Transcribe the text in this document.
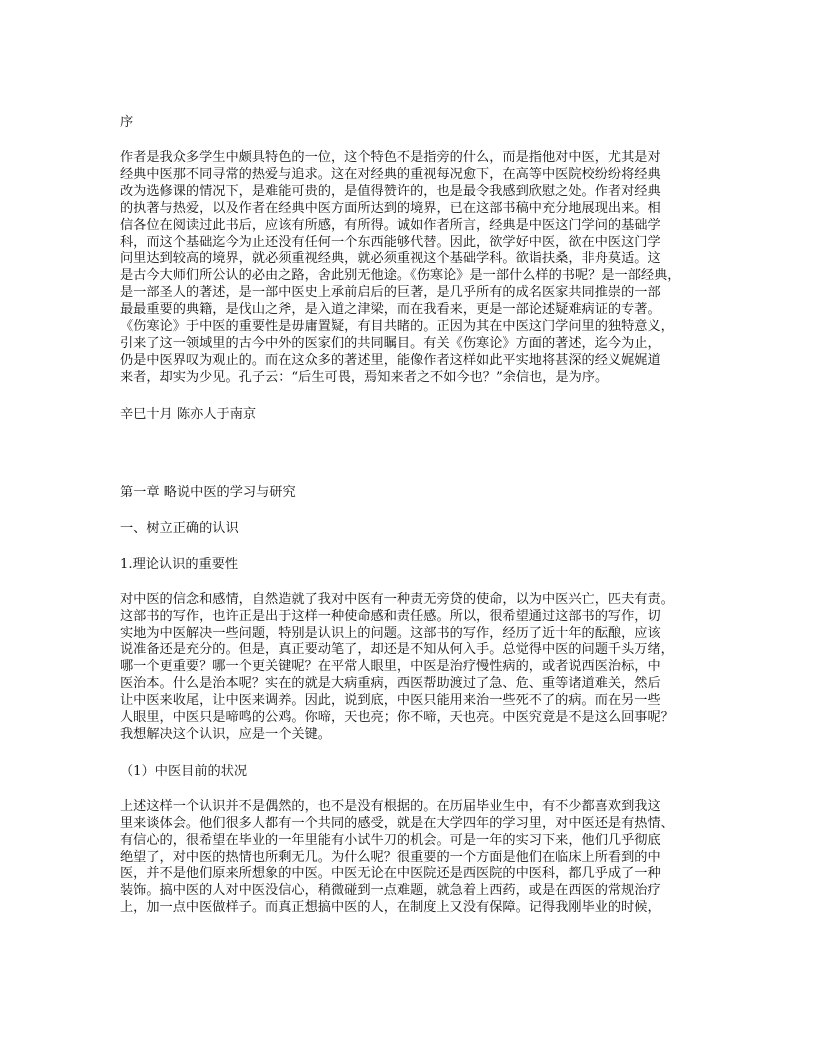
序

作者是我众多学生中颇具特色的一位，这个特色不是指旁的什么，而是指他对中医，尤其是对

经典中医那不同寻常的热爱与追求。这在对经典的重视每况愈下，在高等中医院校纷纷将经典

改为选修课的情况下，是难能可贵的，是值得赞许的，也是最令我感到欣慰之处。作者对经典

的执著与热爱，以及作者在经典中医方面所达到的境界，已在这部书稿中充分地展现出来。相

信各位在阅读过此书后，应该有所感，有所得。诚如作者所言，经典是中医这门学问的基础学

科，而这个基础迄今为止还没有任何一个东西能够代替。因此，欲学好中医，欲在中医这门学

问里达到较高的境界，就必须重视经典，就必须重视这个基础学科。欲诣扶桑，非舟莫适。这

是古今大师们所公认的必由之路，舍此别无他途。《伤寒论》是一部什么样的书呢？是一部经典，

是一部圣人的著述，是一部中医史上承前启后的巨著，是几乎所有的成名医家共同推崇的一部

最最重要的典籍，是伐山之斧，是入道之津梁，而在我看来，更是一部论述疑难病证的专著。

《伤寒论》于中医的重要性是毋庸置疑，有目共睹的。正因为其在中医这门学问里的独特意义，

引来了这一领域里的古今中外的医家们的共同瞩目。有关《伤寒论》方面的著述，迄今为止，

仍是中医界叹为观止的。而在这众多的著述里，能像作者这样如此平实地将甚深的经义娓娓道

来者，却实为少见。孔子云：“后生可畏，焉知来者之不如今也？”余信也，是为序。

辛巳十月 陈亦人于南京

第一章 略说中医的学习与研究

一、树立正确的认识

1.理论认识的重要性

对中医的信念和感情，自然造就了我对中医有一种责无旁贷的使命，以为中医兴亡，匹夫有责。

这部书的写作，也许正是出于这样一种使命感和责任感。所以，很希望通过这部书的写作，切

实地为中医解决一些问题，特别是认识上的问题。这部书的写作，经历了近十年的酝酿，应该

说准备还是充分的。但是，真正要动笔了，却还是不知从何入手。总觉得中医的问题千头万绪，

哪一个更重要？哪一个更关键呢？在平常人眼里，中医是治疗慢性病的，或者说西医治标，中

医治本。什么是治本呢？实在的就是大病重病，西医帮助渡过了急、危、重等诸道难关，然后

让中医来收尾，让中医来调养。因此，说到底，中医只能用来治一些死不了的病。而在另一些

人眼里，中医只是啼鸣的公鸡。你啼，天也亮；你不啼，天也亮。中医究竟是不是这么回事呢？

我想解决这个认识，应是一个关键。

（1）中医目前的状况

上述这样一个认识并不是偶然的，也不是没有根据的。在历届毕业生中，有不少都喜欢到我这

里来谈体会。他们很多人都有一个共同的感受，就是在大学四年的学习里，对中医还是有热情、

有信心的，很希望在毕业的一年里能有小试牛刀的机会。可是一年的实习下来，他们几乎彻底

绝望了，对中医的热情也所剩无几。为什么呢？很重要的一个方面是他们在临床上所看到的中

医，并不是他们原来所想象的中医。中医无论在中医院还是西医院的中医科，都几乎成了一种

装饰。搞中医的人对中医没信心，稍微碰到一点难题，就急着上西药，或是在西医的常规治疗

上，加一点中医做样子。而真正想搞中医的人，在制度上又没有保障。记得我刚毕业的时候，
